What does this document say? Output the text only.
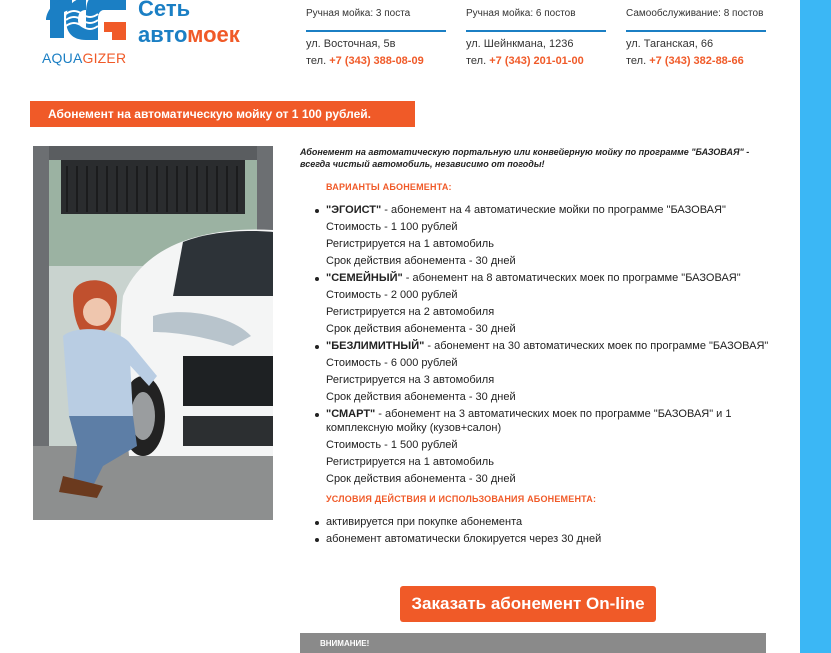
AQUAGIZER
Сеть
автомоек
Ручная мойка: 3 поста
ул. Восточная, 5в
тел. +7 (343) 388-08-09
Ручная мойка: 6 постов
ул. Шейнкмана, 1236
тел. +7 (343) 201-01-00
Самообслуживание: 8 постов
ул. Таганская, 66
тел. +7 (343) 382-88-66
Абонемент на автоматическую мойку от 1 100 рублей.

Абонемент на автоматическую портальную или конвейерную мойку по программе "БАЗОВАЯ" - всегда чистый автомобиль, независимо от погоды!

ВАРИАНТЫ АБОНЕМЕНТА:
"ЭГОИСТ" - абонемент на 4 автоматические мойки по программе "БАЗОВАЯ"
Стоимость - 1 100 рублей
Регистрируется на 1 автомобиль
Срок действия абонемента - 30 дней
"СЕМЕЙНЫЙ" - абонемент на 8 автоматических моек по программе "БАЗОВАЯ"
Стоимость - 2 000 рублей
Регистрируется на 2 автомобиля
Срок действия абонемента - 30 дней
"БЕЗЛИМИТНЫЙ" - абонемент на 30 автоматических моек по программе "БАЗОВАЯ"
Стоимость - 6 000 рублей
Регистрируется на 3 автомобиля
Срок действия абонемента - 30 дней
"СМАРТ" - абонемент на 3 автоматических моек по программе "БАЗОВАЯ" и 1 комплексную мойку (кузов+салон)
Стоимость - 1 500 рублей
Регистрируется на 1 автомобиль
Срок действия абонемента - 30 дней
УСЛОВИЯ ДЕЙСТВИЯ И ИСПОЛЬЗОВАНИЯ АБОНЕМЕНТА:
активируется при покупке абонемента
абонемент автоматически блокируется через 30 дней
Заказать абонемент On-line
ВНИМАНИЕ!
